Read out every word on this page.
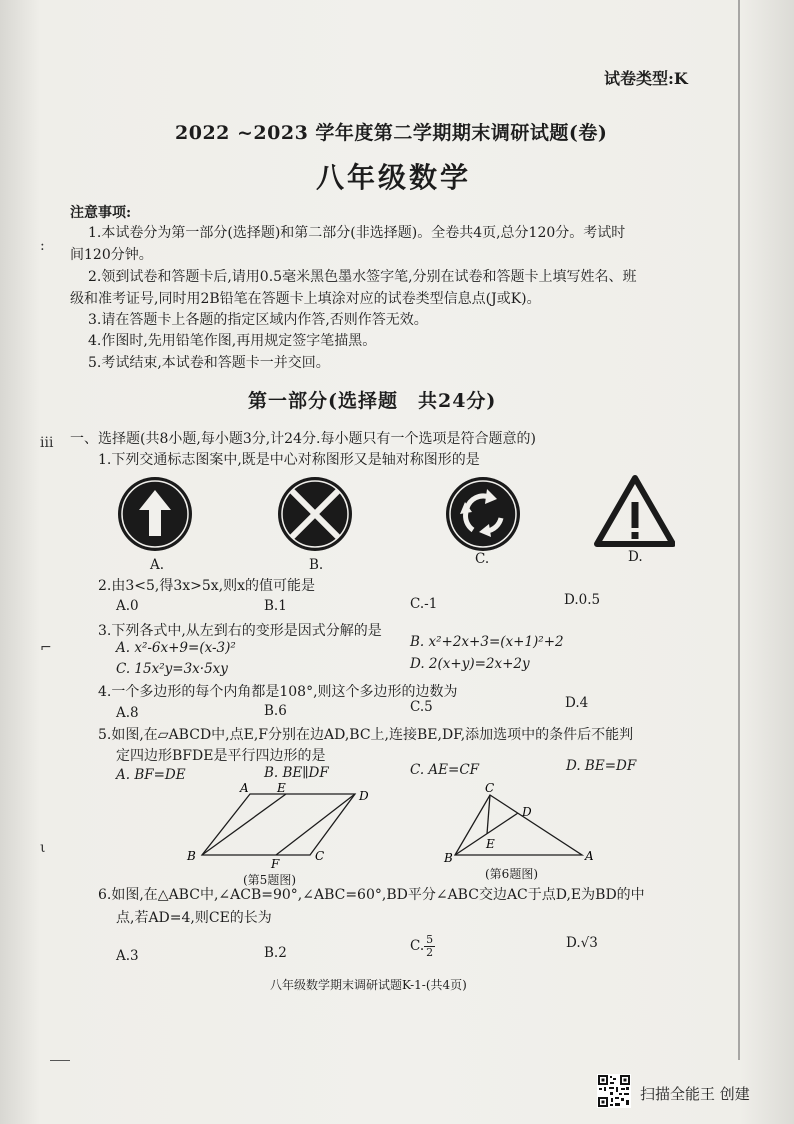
:
ⅲ
⌐
ι
试卷类型:K
2022 ~2023 学年度第二学期期末调研试题(卷)
八年级数学
注意事项:
1.本试卷分为第一部分(选择题)和第二部分(非选择题)。全卷共4页,总分120分。考试时
间120分钟。
2.领到试卷和答题卡后,请用0.5毫米黑色墨水签字笔,分别在试卷和答题卡上填写姓名、班
级和准考证号,同时用2B铅笔在答题卡上填涂对应的试卷类型信息点(J或K)。
3.请在答题卡上各题的指定区域内作答,否则作答无效。
4.作图时,先用铅笔作图,再用规定签字笔描黑。
5.考试结束,本试卷和答题卡一并交回。
第一部分(选择题　共24分)
一、选择题(共8小题,每小题3分,计24分.每小题只有一个选项是符合题意的)
1.下列交通标志图案中,既是中心对称图形又是轴对称图形的是
A.	B.	C.	D.
2.由3<5,得3x>5x,则x的值可能是
A.0	B.1	C.-1	D.0.5
3.下列各式中,从左到右的变形是因式分解的是
A. x²-6x+9=(x-3)²	B. x²+2x+3=(x+1)²+2
C. 15x²y=3x·5xy	D. 2(x+y)=2x+2y
4.一个多边形的每个内角都是108°,则这个多边形的边数为
A.8	B.6	C.5	D.4
5.如图,在▱ABCD中,点E,F分别在边AD,BC上,连接BE,DF,添加选项中的条件后不能判
定四边形BFDE是平行四边形的是
A. BF=DE	B. BE∥DF	C. AE=CF	D. BE=DF
A E
D
B
F
C
(第5题图)
C
D
E
B	A
(第6题图)
6.如图,在△ABC中,∠ACB=90°,∠ABC=60°,BD平分∠ABC交边AC于点D,E为BD的中
点,若AD=4,则CE的长为
A.3	B.2	C. $\frac{5}{2}$	D.√3
八年级数学期末调研试题K-1-(共4页)
扫描全能王 创建
